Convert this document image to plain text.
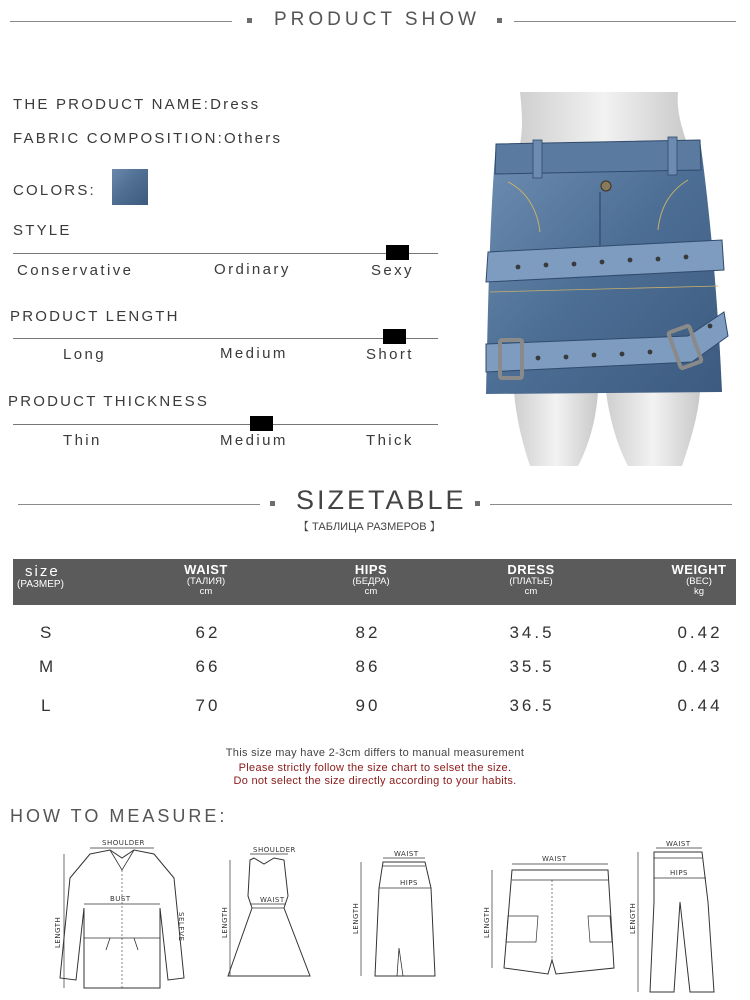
PRODUCT SHOW
THE PRODUCT NAME:Dress
FABRIC COMPOSITION:Others
COLORS:
STYLE
Conservative	Ordinary	Sexy
PRODUCT LENGTH
Long	Medium	Short
PRODUCT THICKNESS
Thin	Medium	Thick
SIZETABLE
【 ТАБЛИЦА РАЗМЕРОВ 】
size
(РАЗМЕР)
WAIST
(ТАЛИЯ)
cm
HIPS
(БЕДРА)
cm
DRESS
(ПЛАТЬЕ)
cm
WEIGHT
(ВЕС)
kg
S	62	82	34.5	0.42
M	66	86	35.5	0.43
L	70	90	36.5	0.44
This size may have 2-3cm differs to manual measurement
Please strictly follow the size chart to selset the size.
Do not select the size directly according to your habits.
HOW TO MEASURE:
SHOULDER
BUST
LENGTH	SELEVE
SHOULDER
WAIST
LENGTH
WAIST
HIPS
LENGTH
WAIST
LENGTH
WAIST
HIPS
LENGTH
